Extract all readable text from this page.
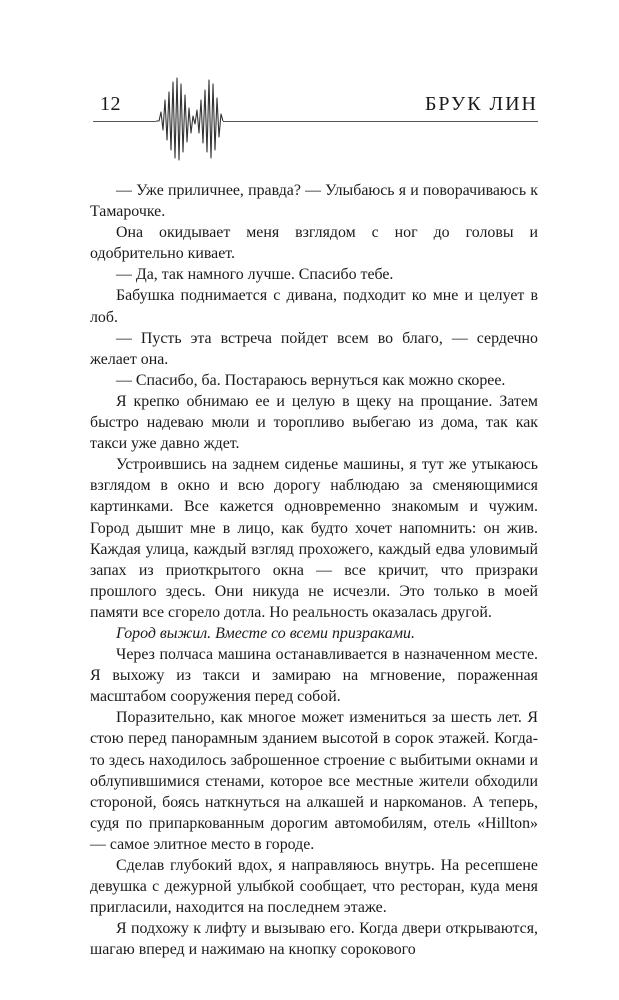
12	БРУК ЛИН

— Уже приличнее, правда? — Улыбаюсь я и поворачиваюсь к Тамарочке.

Она окидывает меня взглядом с ног до головы и одобрительно кивает.

— Да, так намного лучше. Спасибо тебе.

Бабушка поднимается с дивана, подходит ко мне и целует в лоб.

— Пусть эта встреча пойдет всем во благо, — сердечно желает она.

— Спасибо, ба. Постараюсь вернуться как можно скорее.

Я крепко обнимаю ее и целую в щеку на прощание. Затем быстро надеваю мюли и торопливо выбегаю из дома, так как такси уже давно ждет.

Устроившись на заднем сиденье машины, я тут же утыкаюсь взглядом в окно и всю дорогу наблюдаю за сменяющимися картинками. Все кажется одновременно знакомым и чужим. Город дышит мне в лицо, как будто хочет напомнить: он жив. Каждая улица, каждый взгляд прохожего, каждый едва уловимый запах из приоткрытого окна — все кричит, что призраки прошлого здесь. Они никуда не исчезли. Это только в моей памяти все сгорело дотла. Но реальность оказалась другой.

Город выжил. Вместе со всеми призраками.

Через полчаса машина останавливается в назначенном месте. Я выхожу из такси и замираю на мгновение, пораженная масштабом сооружения перед собой.

Поразительно, как многое может измениться за шесть лет. Я стою перед панорамным зданием высотой в сорок этажей. Когда-то здесь находилось заброшенное строение с выбитыми окнами и облупившимися стенами, которое все местные жители обходили стороной, боясь наткнуться на алкашей и наркоманов. А теперь, судя по припаркованным дорогим автомобилям, отель «Hillton» — самое элитное место в городе.

Сделав глубокий вдох, я направляюсь внутрь. На ресепшене девушка с дежурной улыбкой сообщает, что ресторан, куда меня пригласили, находится на последнем этаже.

Я подхожу к лифту и вызываю его. Когда двери открываются, шагаю вперед и нажимаю на кнопку сорокового
